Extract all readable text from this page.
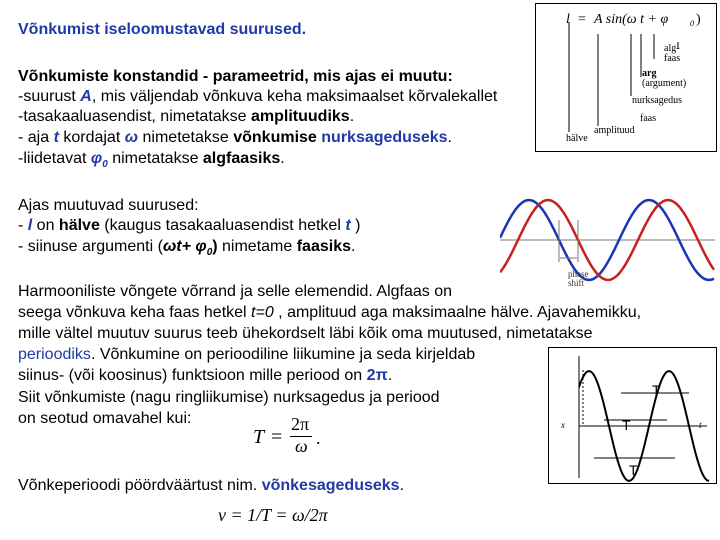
Võnkumist iseloomustavad suurused.
Võnkumiste konstandid - parameetrid, mis ajas ei muutu:
-suurust A, mis väljendab võnkuva keha maksimaalset kõrvalekallet
-tasakaaluasendist, nimetatakse amplituudiks.
- aja t kordajat ω nimetetakse võnkumise nurksageduseks.
-liidetavat $\varphi_0$ nimetatakse algfaasiks.
Ajas muutuvad suurused:
- l on hälve (kaugus tasakaaluasendist hetkel t )
- siinuse argumenti $(\omega t+ \varphi_0)$ nimetame faasiks.
Harmooniliste võngete võrrand ja selle elemendid. Algfaas on
seega võnkuva keha faas hetkel t=0 , amplituud aga maksimaalne hälve. Ajavahemikku,
mille vältel muutuv suurus teeb ühekordselt läbi kõik oma muutused, nimetatakse
perioodiks. Võnkumine on perioodiline liikumine ja seda kirjeldab
siinus- (või koosinus) funktsioon mille periood on 2π.
Siit võnkumiste (nagu ringliikumise) nurksagedus ja periood
on seotud omavahel kui:
T =
2π
ω .
Võnkeperioodi pöördväärtust nim. võnkesageduseks.
ν = 1/T = ω/2π
l = A sin(ω t + φ	0 )
alg-
faas
arg
(argument)
nurksagedus
faas
amplituud
hälve
phase
shift
x	t
T
T
T
